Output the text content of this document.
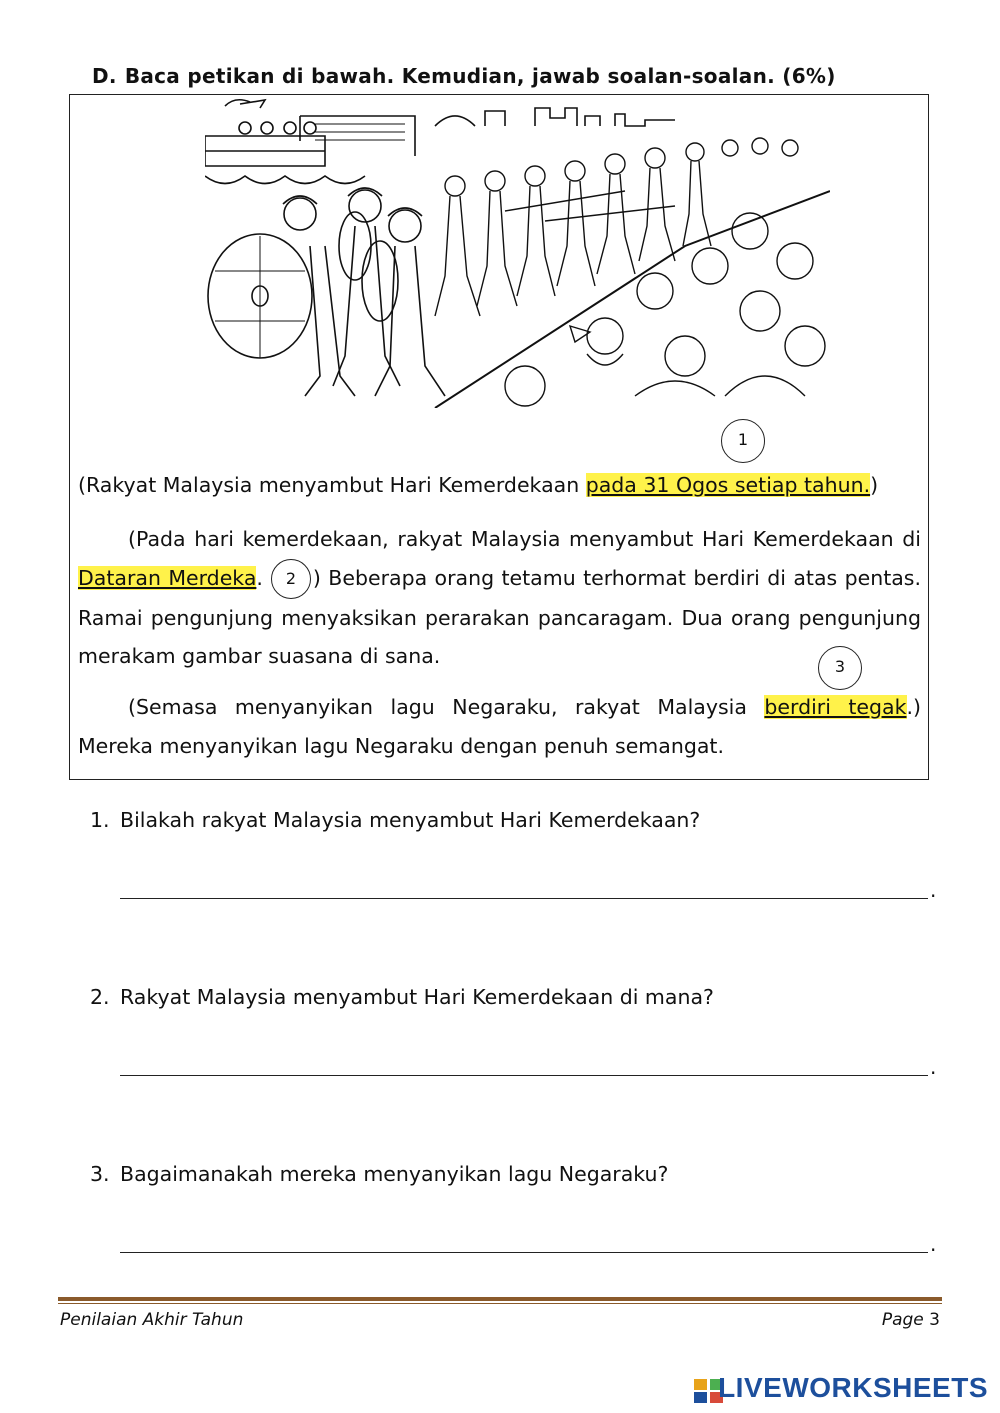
D. Baca petikan di bawah. Kemudian, jawab soalan-soalan. (6%)
1
3
(Rakyat Malaysia menyambut Hari Kemerdekaan pada 31 Ogos setiap tahun.)
(Pada hari kemerdekaan, rakyat Malaysia menyambut Hari Kemerdekaan di Dataran Merdeka. 2 ) Beberapa orang tetamu terhormat berdiri di atas pentas. Ramai pengunjung menyaksikan perarakan pancaragam. Dua orang pengunjung merakam gambar suasana di sana.
(Semasa menyanyikan lagu Negaraku, rakyat Malaysia berdiri tegak.) Mereka menyanyikan lagu Negaraku dengan penuh semangat.
1. Bilakah rakyat Malaysia menyambut Hari Kemerdekaan?
.
2. Rakyat Malaysia menyambut Hari Kemerdekaan di mana?
.
3. Bagaimanakah mereka menyanyikan lagu Negaraku?
.
Penilaian Akhir Tahun	Page 3
LIVEWORKSHEETS
